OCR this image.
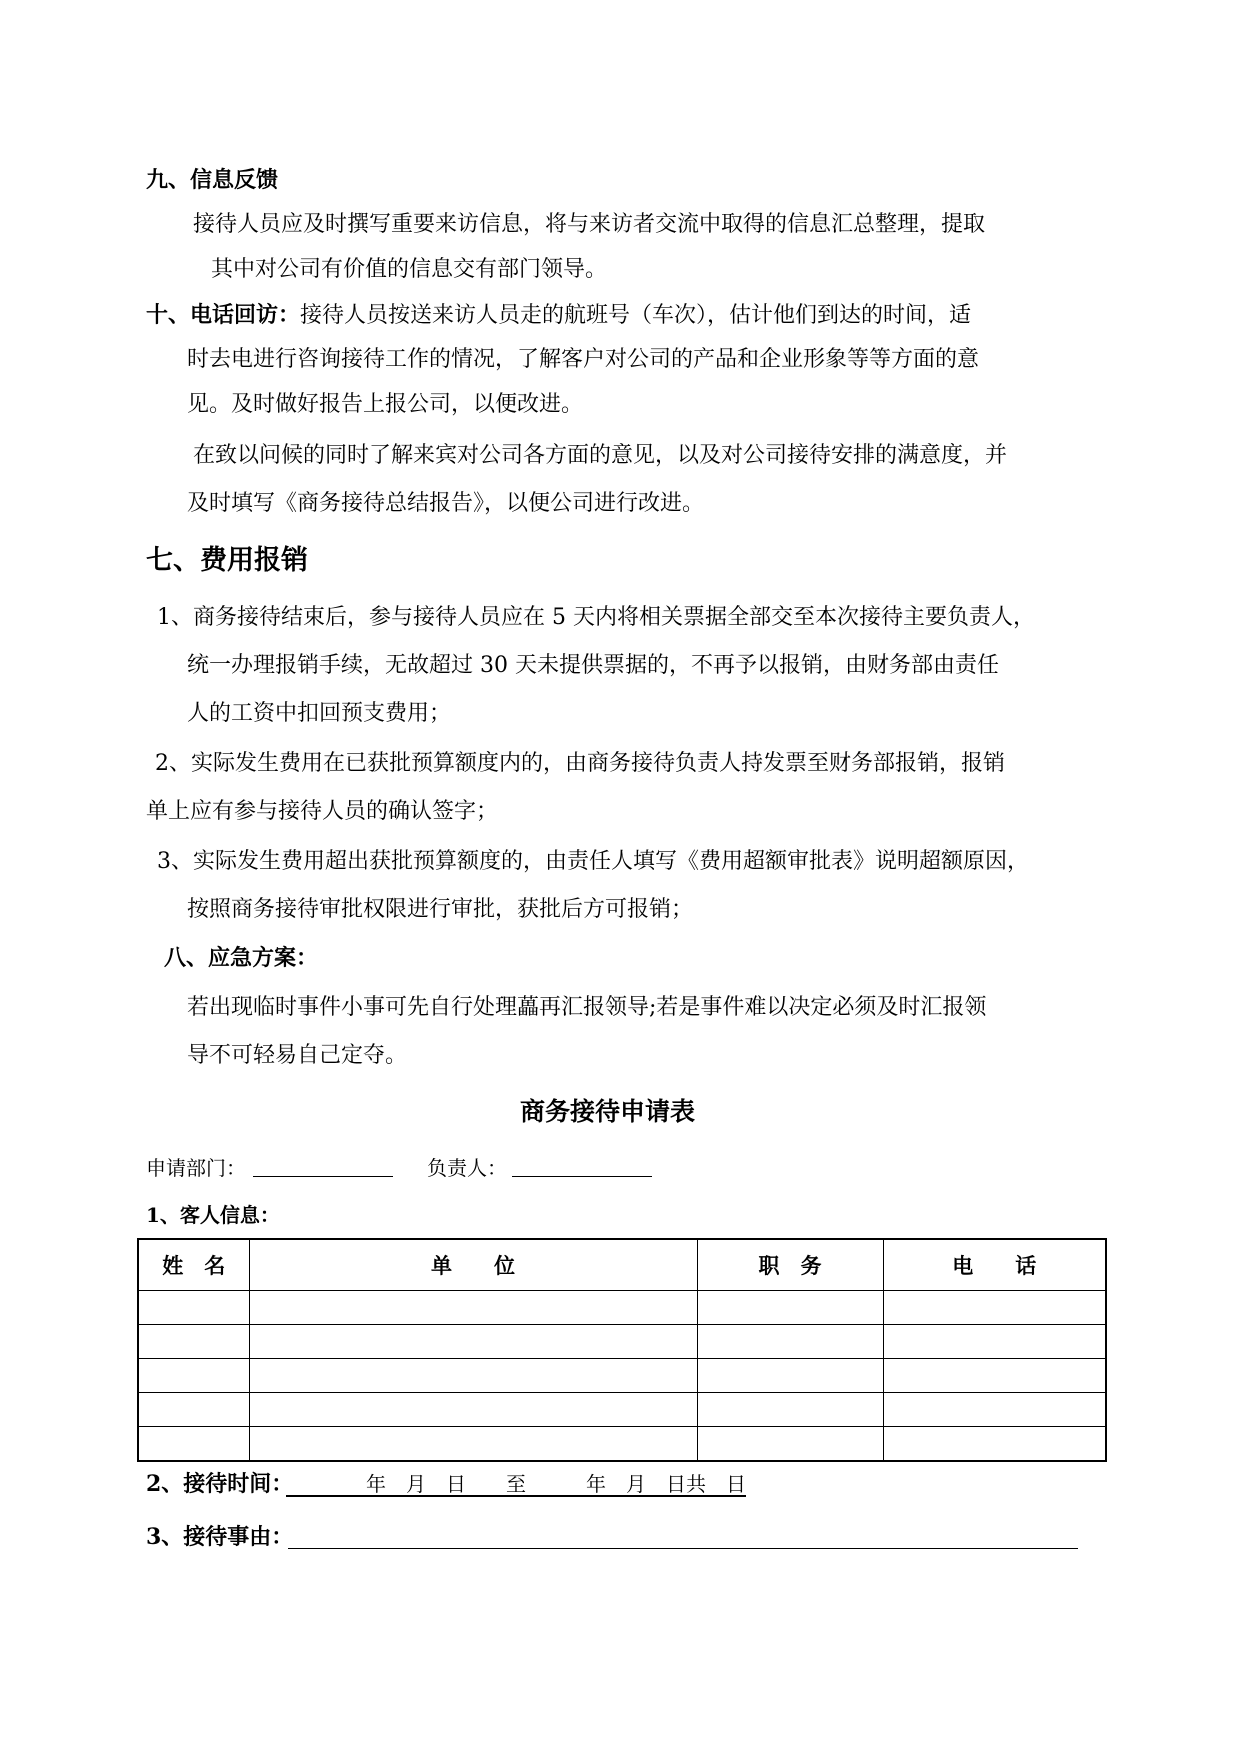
九、信息反馈
接待人员应及时撰写重要来访信息，将与来访者交流中取得的信息汇总整理，提取
其中对公司有价值的信息交有部门领导。
十、电话回访：接待人员按送来访人员走的航班号（车次），估计他们到达的时间，适
时去电进行咨询接待工作的情况，了解客户对公司的产品和企业形象等等方面的意
见。及时做好报告上报公司，以便改进。
在致以问候的同时了解来宾对公司各方面的意见，以及对公司接待安排的满意度，并
及时填写《商务接待总结报告》，以便公司进行改进。
七、费用报销
1、商务接待结束后，参与接待人员应在 5 天内将相关票据全部交至本次接待主要负责人，
统一办理报销手续，无故超过 30 天未提供票据的，不再予以报销，由财务部由责任
人的工资中扣回预支费用；
2、实际发生费用在已获批预算额度内的，由商务接待负责人持发票至财务部报销，报销
单上应有参与接待人员的确认签字；
3、实际发生费用超出获批预算额度的，由责任人填写《费用超额审批表》说明超额原因，
按照商务接待审批权限进行审批，获批后方可报销；
八、应急方案：
若出现临时事件小事可先自行处理藟再汇报领导;若是事件难以决定必须及时汇报领
导不可轻易自己定夺。
商务接待申请表
申请部门：	负责人：
1、客人信息：
姓　名	单　　位	职　务	电　　话

2、接待时间：
　　　　年　月　日　　至　　　年　月　日共　日
3、接待事由：
